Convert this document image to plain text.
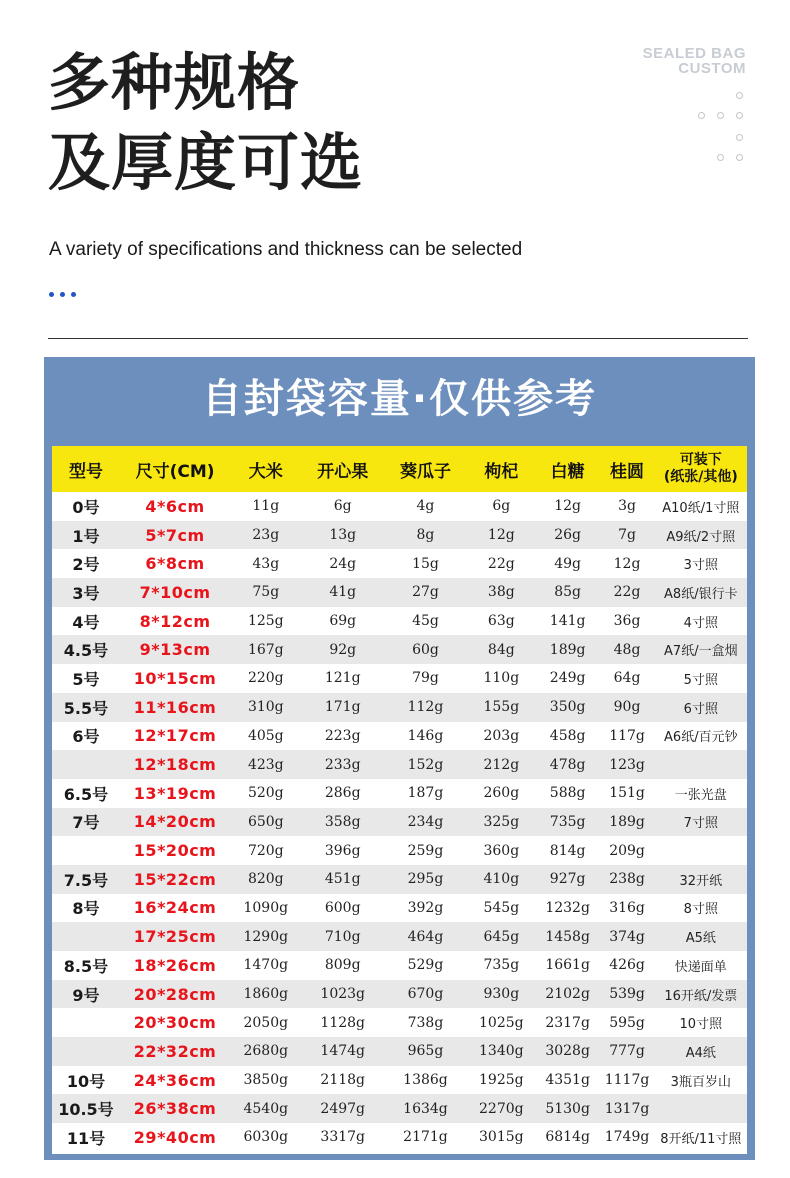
多种规格
及厚度可选
SEALED BAG
CUSTOM
A variety of specifications and thickness can be selected
自封袋容量·仅供参考
型号	尺寸(CM)	大米	开心果	葵瓜子	枸杞	白糖	桂圆	可装下
(纸张/其他)

0号	4*6cm	11g	6g	4g	6g	12g	3g	A10纸/1寸照
1号	5*7cm	23g	13g	8g	12g	26g	7g	A9纸/2寸照
2号	6*8cm	43g	24g	15g	22g	49g	12g	3寸照
3号	7*10cm	75g	41g	27g	38g	85g	22g	A8纸/银行卡
4号	8*12cm	125g	69g	45g	63g	141g	36g	4寸照
4.5号	9*13cm	167g	92g	60g	84g	189g	48g	A7纸/一盒烟
5号	10*15cm	220g	121g	79g	110g	249g	64g	5寸照
5.5号	11*16cm	310g	171g	112g	155g	350g	90g	6寸照
6号	12*17cm	405g	223g	146g	203g	458g	117g	A6纸/百元钞
	12*18cm	423g	233g	152g	212g	478g	123g	
6.5号	13*19cm	520g	286g	187g	260g	588g	151g	一张光盘
7号	14*20cm	650g	358g	234g	325g	735g	189g	7寸照
	15*20cm	720g	396g	259g	360g	814g	209g	
7.5号	15*22cm	820g	451g	295g	410g	927g	238g	32开纸
8号	16*24cm	1090g	600g	392g	545g	1232g	316g	8寸照
	17*25cm	1290g	710g	464g	645g	1458g	374g	A5纸
8.5号	18*26cm	1470g	809g	529g	735g	1661g	426g	快递面单
9号	20*28cm	1860g	1023g	670g	930g	2102g	539g	16开纸/发票
	20*30cm	2050g	1128g	738g	1025g	2317g	595g	10寸照
	22*32cm	2680g	1474g	965g	1340g	3028g	777g	A4纸
10号	24*36cm	3850g	2118g	1386g	1925g	4351g	1117g	3瓶百岁山
10.5号	26*38cm	4540g	2497g	1634g	2270g	5130g	1317g	
11号	29*40cm	6030g	3317g	2171g	3015g	6814g	1749g	8开纸/11寸照
